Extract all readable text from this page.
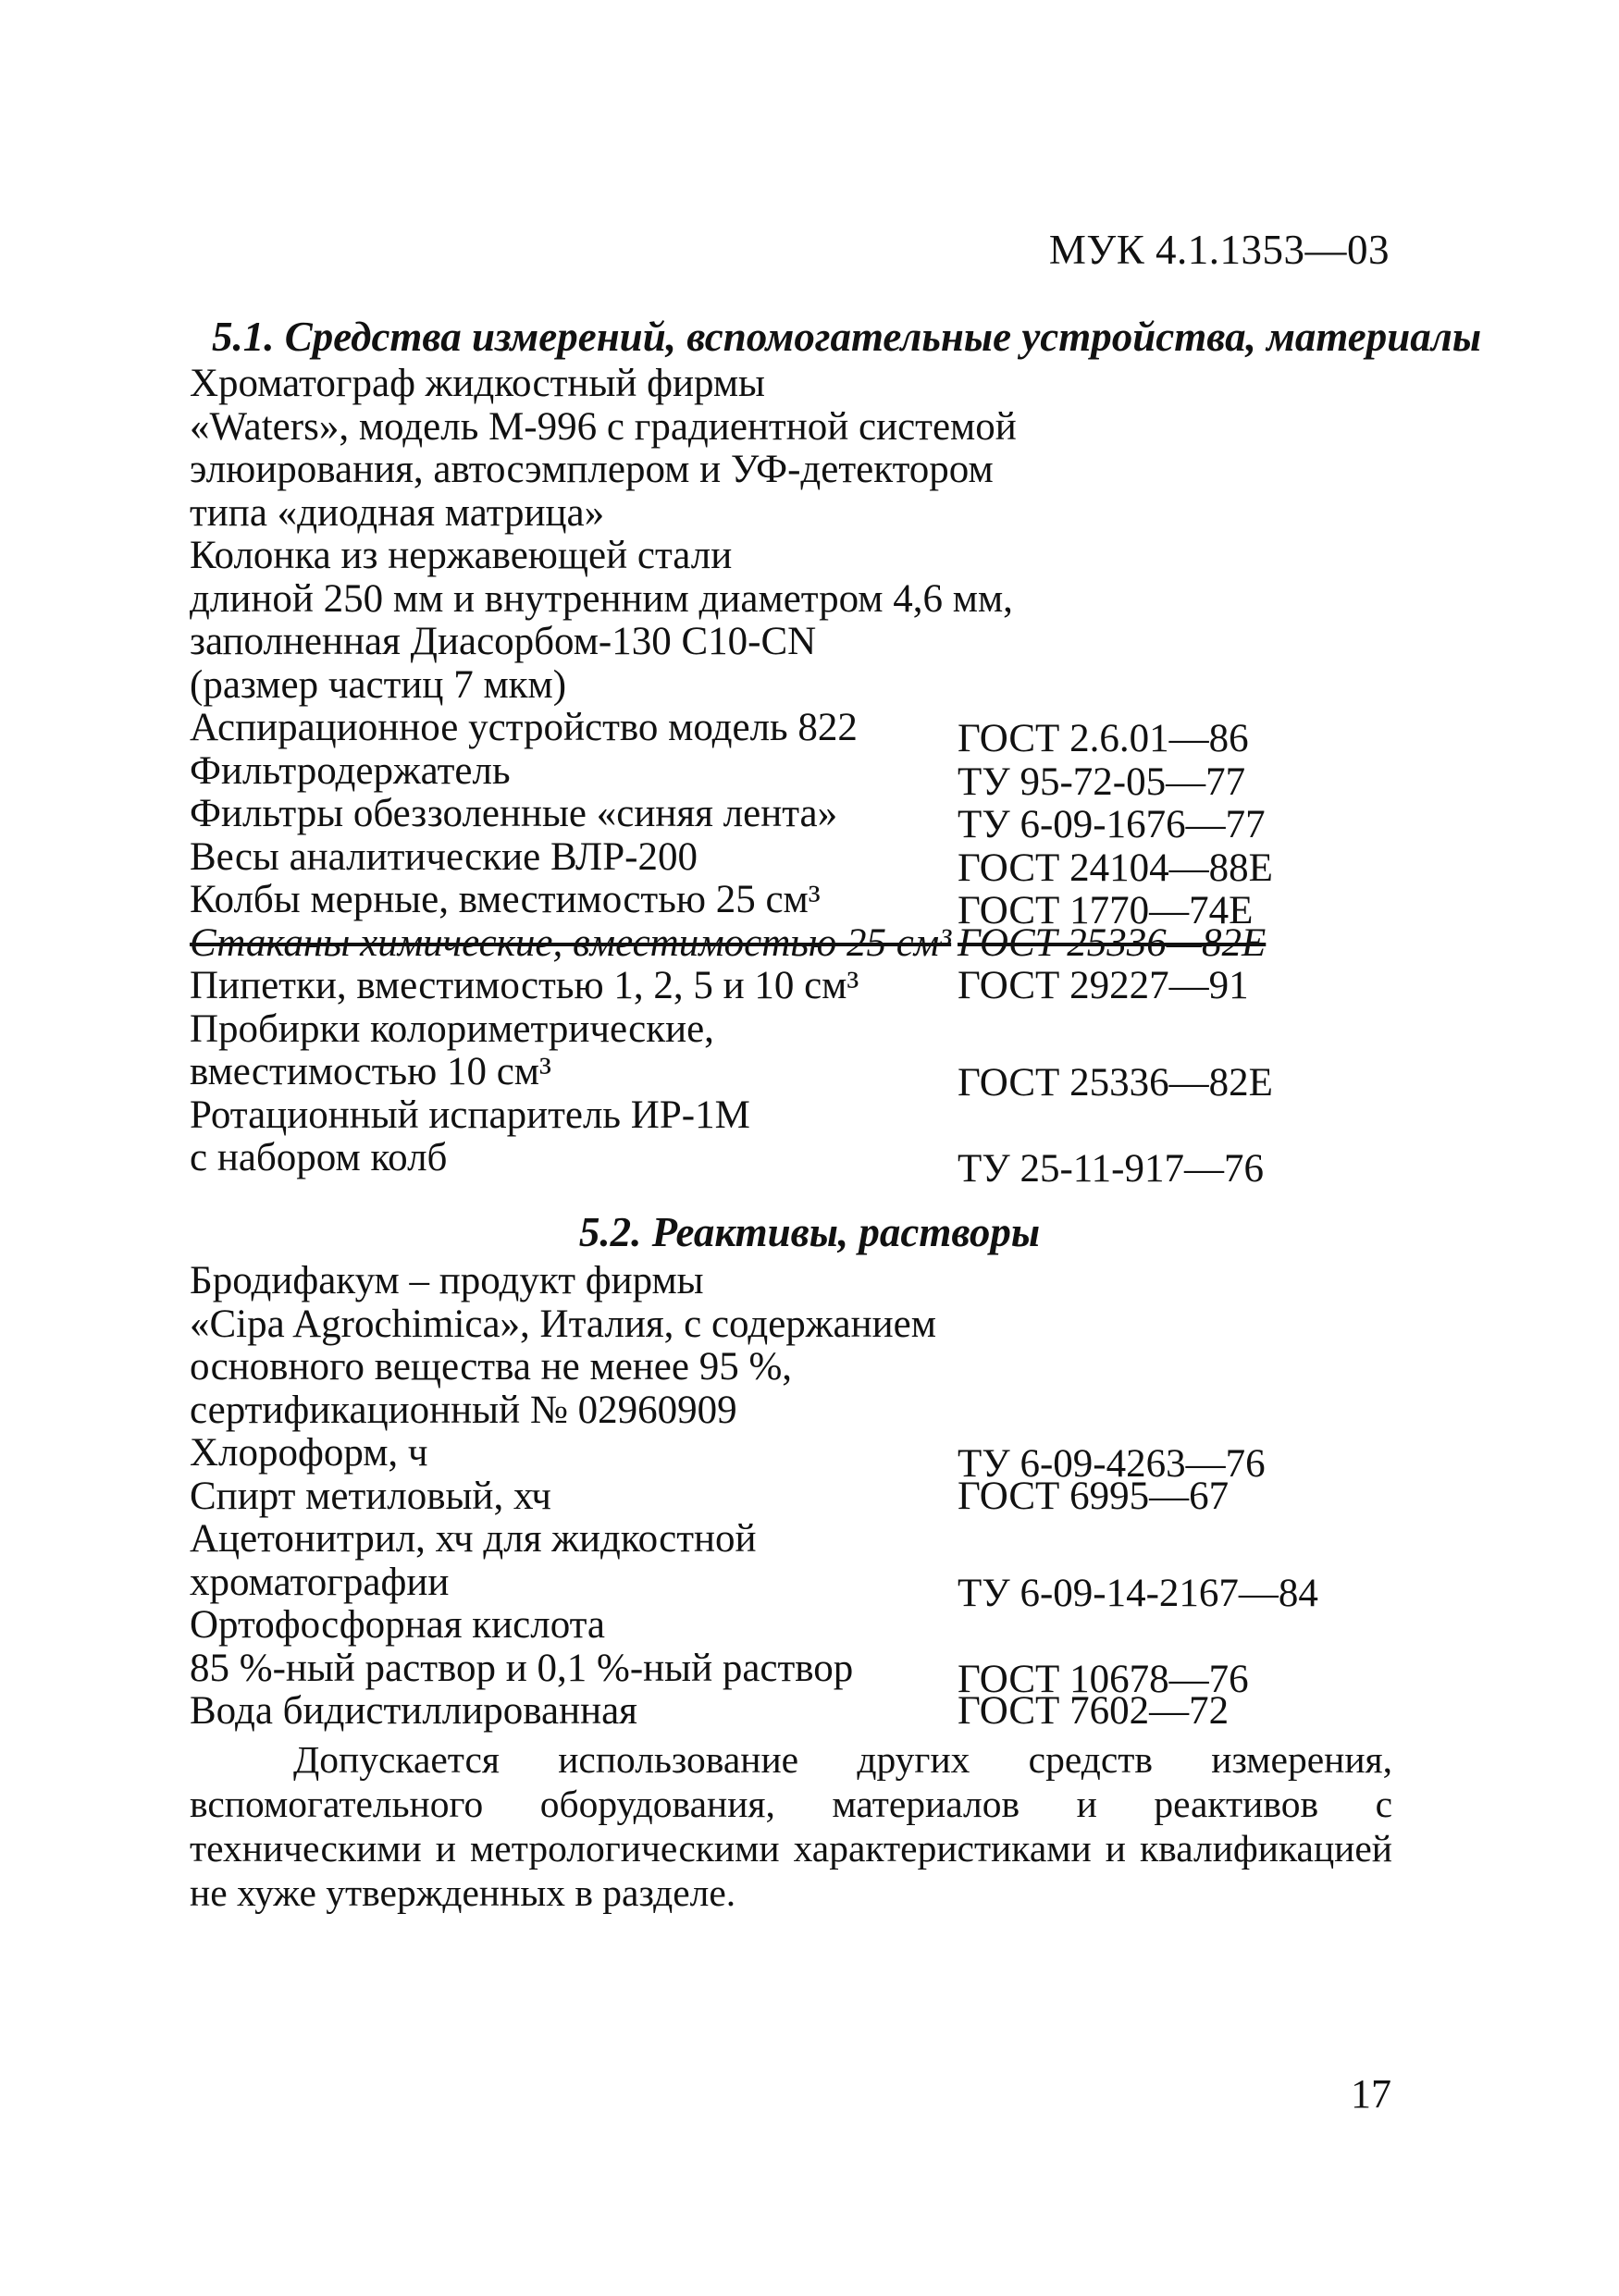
МУК 4.1.1353—03
5.1. Средства измерений, вспомогательные устройства, материалы
Хроматограф жидкостный фирмы
«Waters», модель М-996 с градиентной системой
элюирования, автосэмплером и УФ-детектором
типа «диодная матрица»
Колонка из нержавеющей стали
длиной 250 мм и внутренним диаметром 4,6 мм,
заполненная Диасорбом-130 С10-CN
(размер частиц 7 мкм)
Аспирационное устройство модель 822	ГОСТ 2.6.01—86
Фильтродержатель	ТУ 95-72-05—77
Фильтры обеззоленные «синяя лента»	ТУ 6-09-1676—77
Весы аналитические ВЛР-200	ГОСТ 24104—88Е
Колбы мерные, вместимостью 25 см³	ГОСТ 1770—74Е
Стаканы химические, вместимостью 25 см³ ГОСТ 25336—82Е
Пипетки, вместимостью 1, 2, 5 и 10 см³ ГОСТ 29227—91
Пробирки колориметрические,
вместимостью 10 см³	ГОСТ 25336—82Е
Ротационный испаритель ИР-1М
с набором колб	ТУ 25-11-917—76
5.2. Реактивы, растворы
Бродифакум – продукт фирмы
«Cipa Agrochimica», Италия, с содержанием
основного вещества не менее 95 %,
сертификационный № 02960909
Хлороформ, ч	ТУ 6-09-4263—76
Спирт метиловый, хч	ГОСТ 6995—67
Ацетонитрил, хч для жидкостной
хроматографии	ТУ 6-09-14-2167—84
Ортофосфорная кислота
85 %-ный раствор и 0,1 %-ный раствор	ГОСТ 10678—76
Вода бидистиллированная	ГОСТ 7602—72
Допускается использование других средств измерения, вспомогательного оборудования, материалов и реактивов с техническими и метрологическими характеристиками и квалификацией не хуже утвержденных в разделе.
17
